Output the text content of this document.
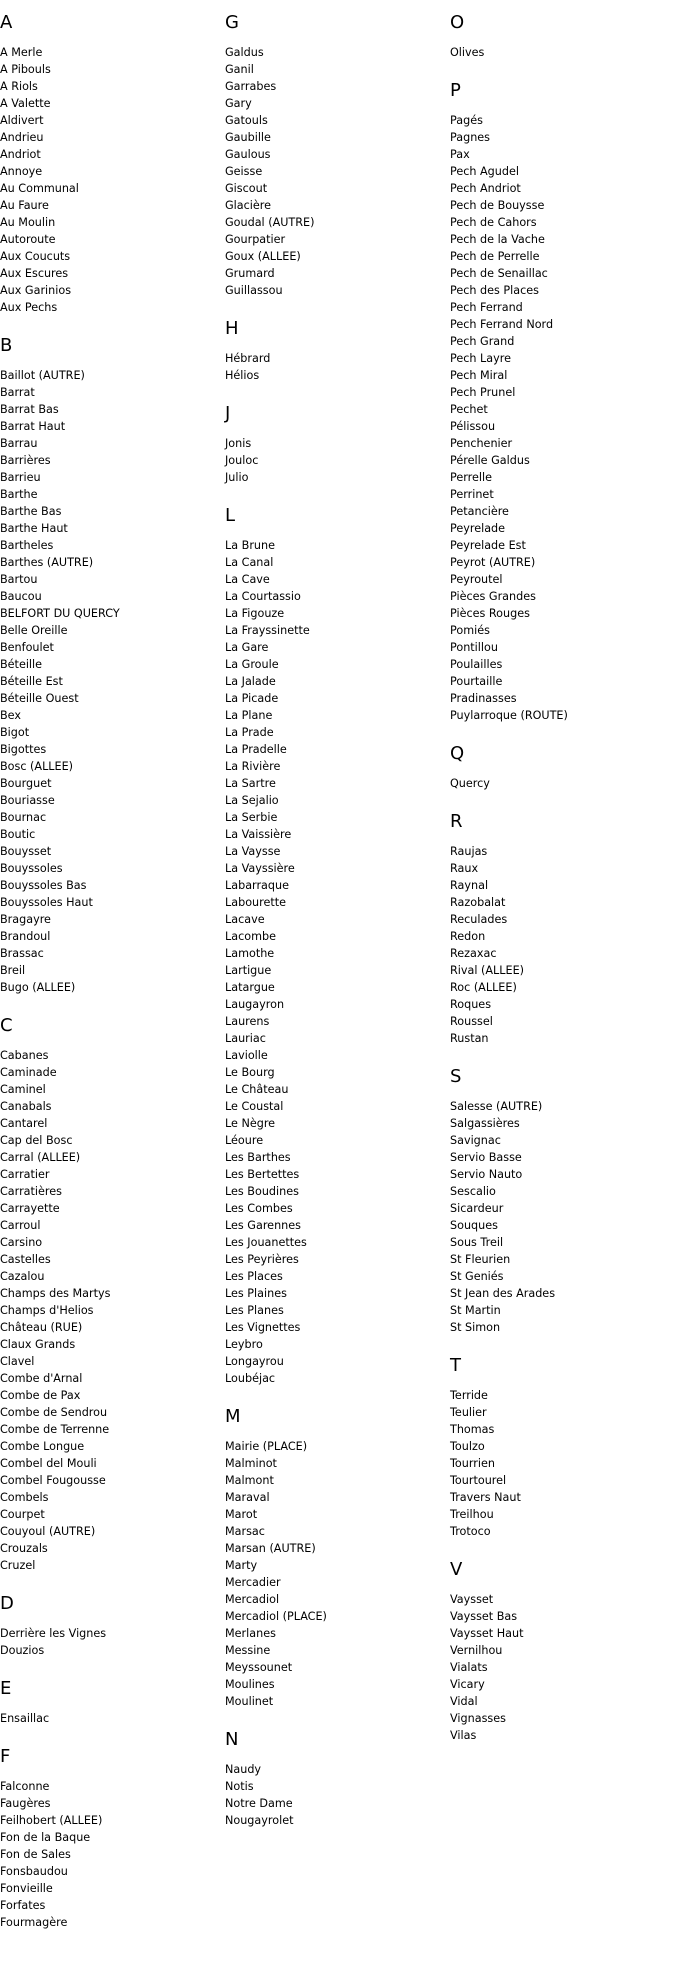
A
A Merle
A Pibouls
A Riols
A Valette
Aldivert
Andrieu
Andriot
Annoye
Au Communal
Au Faure
Au Moulin
Autoroute
Aux Coucuts
Aux Escures
Aux Garinios
Aux Pechs
B
Baillot (AUTRE)
Barrat
Barrat Bas
Barrat Haut
Barrau
Barrières
Barrieu
Barthe
Barthe Bas
Barthe Haut
Bartheles
Barthes (AUTRE)
Bartou
Baucou
BELFORT DU QUERCY
Belle Oreille
Benfoulet
Béteille
Béteille Est
Béteille Ouest
Bex
Bigot
Bigottes
Bosc (ALLEE)
Bourguet
Bouriasse
Bournac
Boutic
Bouysset
Bouyssoles
Bouyssoles Bas
Bouyssoles Haut
Bragayre
Brandoul
Brassac
Breil
Bugo (ALLEE)
C
Cabanes
Caminade
Caminel
Canabals
Cantarel
Cap del Bosc
Carral (ALLEE)
Carratier
Carratières
Carrayette
Carroul
Carsino
Castelles
Cazalou
Champs des Martys
Champs d'Helios
Château (RUE)
Claux Grands
Clavel
Combe d'Arnal
Combe de Pax
Combe de Sendrou
Combe de Terrenne
Combe Longue
Combel del Mouli
Combel Fougousse
Combels
Courpet
Couyoul (AUTRE)
Crouzals
Cruzel
D
Derrière les Vignes
Douzios
E
Ensaillac
F
Falconne
Faugères
Feilhobert (ALLEE)
Fon de la Baque
Fon de Sales
Fonsbaudou
Fonvieille
Forfates
Fourmagère
G
Galdus
Ganil
Garrabes
Gary
Gatouls
Gaubille
Gaulous
Geisse
Giscout
Glacière
Goudal (AUTRE)
Gourpatier
Goux (ALLEE)
Grumard
Guillassou
H
Hébrard
Hélios
J
Jonis
Jouloc
Julio
L
La Brune
La Canal
La Cave
La Courtassio
La Figouze
La Frayssinette
La Gare
La Groule
La Jalade
La Picade
La Plane
La Prade
La Pradelle
La Rivière
La Sartre
La Sejalio
La Serbie
La Vaissière
La Vaysse
La Vayssière
Labarraque
Labourette
Lacave
Lacombe
Lamothe
Lartigue
Latargue
Laugayron
Laurens
Lauriac
Laviolle
Le Bourg
Le Château
Le Coustal
Le Nègre
Léoure
Les Barthes
Les Bertettes
Les Boudines
Les Combes
Les Garennes
Les Jouanettes
Les Peyrières
Les Places
Les Plaines
Les Planes
Les Vignettes
Leybro
Longayrou
Loubéjac
M
Mairie (PLACE)
Malminot
Malmont
Maraval
Marot
Marsac
Marsan (AUTRE)
Marty
Mercadier
Mercadiol
Mercadiol (PLACE)
Merlanes
Messine
Meyssounet
Moulines
Moulinet
N
Naudy
Notis
Notre Dame
Nougayrolet
O
Olives
P
Pagés
Pagnes
Pax
Pech Agudel
Pech Andriot
Pech de Bouysse
Pech de Cahors
Pech de la Vache
Pech de Perrelle
Pech de Senaillac
Pech des Places
Pech Ferrand
Pech Ferrand Nord
Pech Grand
Pech Layre
Pech Miral
Pech Prunel
Pechet
Pélissou
Penchenier
Pérelle Galdus
Perrelle
Perrinet
Petancière
Peyrelade
Peyrelade Est
Peyrot (AUTRE)
Peyroutel
Pièces Grandes
Pièces Rouges
Pomiés
Pontillou
Poulailles
Pourtaille
Pradinasses
Puylarroque (ROUTE)
Q
Quercy
R
Raujas
Raux
Raynal
Razobalat
Reculades
Redon
Rezaxac
Rival (ALLEE)
Roc (ALLEE)
Roques
Roussel
Rustan
S
Salesse (AUTRE)
Salgassières
Savignac
Servio Basse
Servio Nauto
Sescalio
Sicardeur
Souques
Sous Treil
St Fleurien
St Geniés
St Jean des Arades
St Martin
St Simon
T
Terride
Teulier
Thomas
Toulzo
Tourrien
Tourtourel
Travers Naut
Treilhou
Trotoco
V
Vaysset
Vaysset Bas
Vaysset Haut
Vernilhou
Vialats
Vicary
Vidal
Vignasses
Vilas
